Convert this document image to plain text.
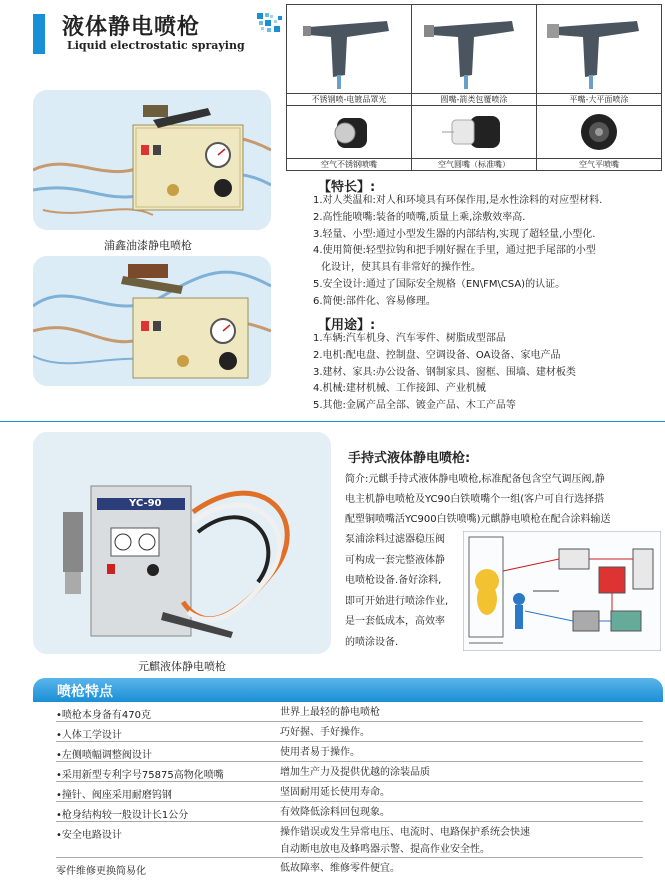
液体静电喷枪
Liquid electrostatic spraying
浦鑫油漆静电喷枪
不锈钢喷-电镀品罩光	圆嘴-箭类包覆喷涂	平嘴-大平面喷涂
空气不锈钢喷嘴	空气圆嘴（标准嘴）	空气平喷嘴
【特长】:
1.对人类温和:对人和环境具有环保作用,是水性涂料的对应型材料.
2.高性能喷嘴:装备的喷嘴,质量上乘,涂敷效率高.
3.轻量、小型:通过小型发生器的内部结构,实现了超轻量,小型化.
4.使用简便:轻型拉钩和把手刚好握在手里，通过把手尾部的小型
化设计，使其具有非常好的操作性。
5.安全设计:通过了国际安全规格（EN\FM\CSA)的认证。
6.简便:部件化、容易修理。
【用途】:
1.车辆:汽车机身、汽车零件、树脂成型部品
2.电机:配电盘、控制盘、空调设备、OA设备、家电产品
3.建材、家具:办公设备、钢制家具、窗框、围墙、建材板类
4.机械:建材机械、工作接卸、产业机械
5.其他:金属产品全部、镀金产品、木工产品等
YC-90
元麒液体静电喷枪
手持式液体静电喷枪:
简介:元麒手持式液体静电喷枪,标准配备包含空气调压阀,静
电主机静电喷枪及YC90白铁喷嘴个一组(客户可自行选择搭
配塑铜喷嘴活YC900白铁喷嘴)元麒静电喷枪在配合涂料输送
泵浦涂料过滤器稳压阀
可构成一套完整液体静
电喷枪设备.备好涂料,
即可开始进行喷涂作业,
是一套低成本，高效率
的喷涂设备.
喷枪特点
•喷枪本身备有470克	世界上最轻的静电喷枪
•人体工学设计	巧好握、手好操作。
•左侧喷幅调整阀设计	使用者易于操作。
•采用新型专利字号75875高物化喷嘴	增加生产力及提供优越的涂装品质
•撞针、阀座采用耐磨钨钢	坚固耐用延长使用寿命。
•枪身结构较一般设计长1公分	有效降低涂料回包现象。
•安全电路设计	操作错误或发生异常电压、电流时、电路保护系统会快速
自动断电放电及蜂鸣器示警、提高作业安全性。
零件维修更换简易化	低故障率、维修零件便宜。
